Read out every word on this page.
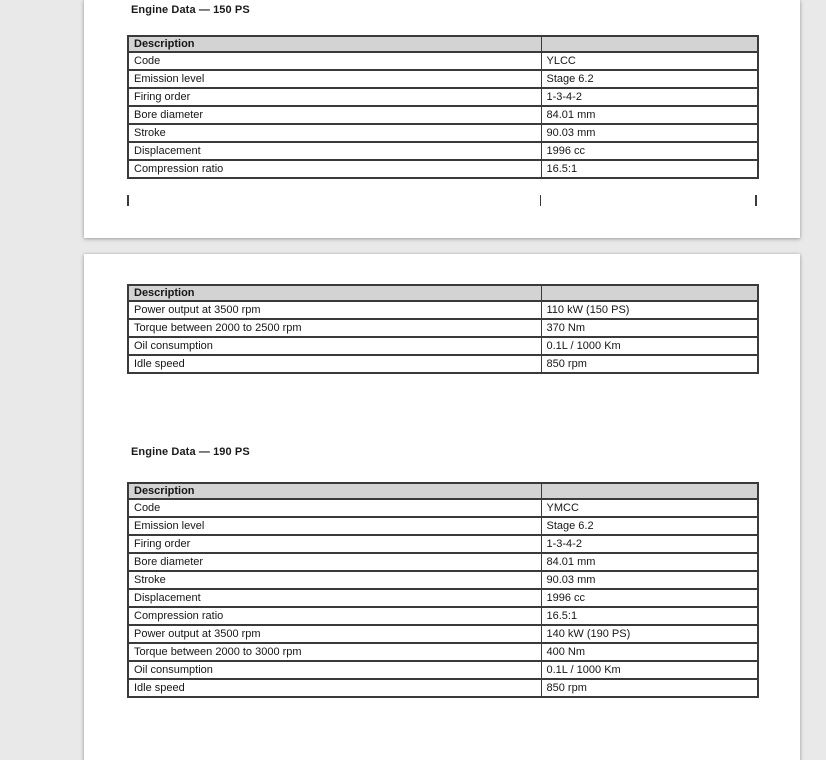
Engine Data — 150 PS
Description	
Code	YLCC
Emission level	Stage 6.2
Firing order	1-3-4-2
Bore diameter	84.01 mm
Stroke	90.03 mm
Displacement	1996 cc
Compression ratio	16.5:1
Description	
Power output at 3500 rpm	110 kW (150 PS)
Torque between 2000 to 2500 rpm	370 Nm
Oil consumption	0.1L / 1000 Km
Idle speed	850 rpm
Engine Data — 190 PS
Description	
Code	YMCC
Emission level	Stage 6.2
Firing order	1-3-4-2
Bore diameter	84.01 mm
Stroke	90.03 mm
Displacement	1996 cc
Compression ratio	16.5:1
Power output at 3500 rpm	140 kW (190 PS)
Torque between 2000 to 3000 rpm	400 Nm
Oil consumption	0.1L / 1000 Km
Idle speed	850 rpm
